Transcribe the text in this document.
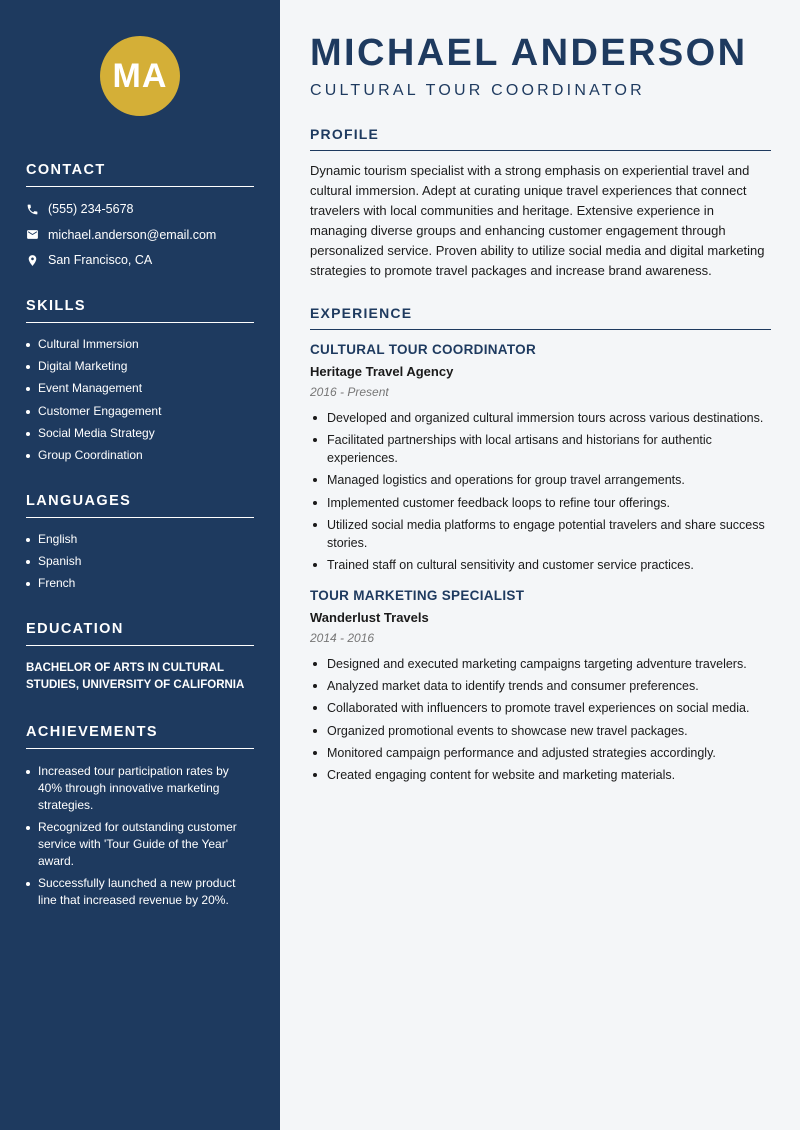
MA
CONTACT
(555) 234-5678
michael.anderson@email.com
San Francisco, CA
SKILLS
Cultural Immersion
Digital Marketing
Event Management
Customer Engagement
Social Media Strategy
Group Coordination
LANGUAGES
English
Spanish
French
EDUCATION
BACHELOR OF ARTS IN CULTURAL STUDIES, UNIVERSITY OF CALIFORNIA
ACHIEVEMENTS
Increased tour participation rates by 40% through innovative marketing strategies.
Recognized for outstanding customer service with 'Tour Guide of the Year' award.
Successfully launched a new product line that increased revenue by 20%.
MICHAEL ANDERSON
CULTURAL TOUR COORDINATOR
PROFILE

Dynamic tourism specialist with a strong emphasis on experiential travel and cultural immersion. Adept at curating unique travel experiences that connect travelers with local communities and heritage. Extensive experience in managing diverse groups and enhancing customer engagement through personalized service. Proven ability to utilize social media and digital marketing strategies to promote travel packages and increase brand awareness.

EXPERIENCE
CULTURAL TOUR COORDINATOR
Heritage Travel Agency
2016 - Present
Developed and organized cultural immersion tours across various destinations.
Facilitated partnerships with local artisans and historians for authentic experiences.
Managed logistics and operations for group travel arrangements.
Implemented customer feedback loops to refine tour offerings.
Utilized social media platforms to engage potential travelers and share success stories.
Trained staff on cultural sensitivity and customer service practices.
TOUR MARKETING SPECIALIST
Wanderlust Travels
2014 - 2016
Designed and executed marketing campaigns targeting adventure travelers.
Analyzed market data to identify trends and consumer preferences.
Collaborated with influencers to promote travel experiences on social media.
Organized promotional events to showcase new travel packages.
Monitored campaign performance and adjusted strategies accordingly.
Created engaging content for website and marketing materials.
